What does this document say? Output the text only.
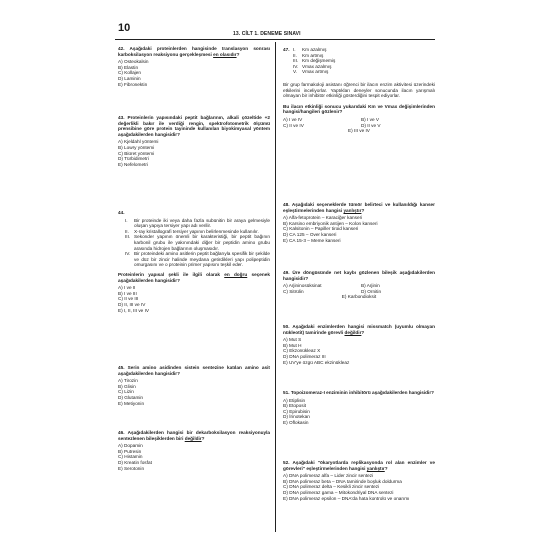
10	13. CİLT 1. DENEME SINAVI
42. Aşağıdaki proteinlerden hangisinde translasyon sonrası karboksilasyon reaksiyonu gerçekleşmesi en olasıdır?
A) Osteokalsin
B) Elastin
C) Kollajen
D) Laminin
E) Fibronektin
43. Proteinlerin yapısındaki peptit bağlarının, alkali çözeltide +2 değerlikli bakır ile verdiği rengin, spektrofotometrik ölçümü prensibine göre protein tayininde kullanılan biyokimyasal yöntem aşağıdakilerden hangisidir?
A) Kjeldahl yöntemi
B) Lowry yöntemi
C) Biüret yöntemi
D) Türbidimetri
E) Nefelometri
44.
I.	Bir proteinde iki veya daha fazla subünitin bir araya gelmesiyle oluşan yapıya tersiyer yapı adı verilir.
II.	X-ray kristallografi tersiyer yapının belirlenmesinde kullanılır.
III. Sekonder yapının önemli bir karakteristiği, bir peptit bağının karbonil grubu ile yakınındaki diğer bir peptidin amino grubu arasında hidrojen bağlarının oluşmasıdır.
IV. Bir proteindeki amino asitlerin peptit bağlarıyla spesifik bir şekilde ve düz bir zincir halinde meydana getirdikleri yapı polipeptidin omurgasını ve o proteinin primer yapısını teşkil eder.
Proteinlerin yapısal şekli ile ilgili olarak en doğru seçenek aşağıdakilerden hangisidir?
A) I ve II
B) I ve III
C) II ve III
D) II, III ve IV
E) I, II, III ve IV
45. Serin amino asidinden sistein sentezine katılan amino asit aşağıdakilerden hangisidir?
A) Tirozin
B) Glisin
C) Lizin
D) Glutamin
E) Metiyonin
46. Aşağıdakilerden hangisi bir dekarboksilasyon reaksiyonuyla sentezlenen bileşiklerden biri değildir?
A) Dopamin
B) Putresin
C) Histamin
D) Kreatin fosfat
E) Serotonin
47. I.	Km azalmış
II.	Km artmış
III. Km değişmemiş
IV. Vmax azalmış
V.	Vmax artmış
Bir grup farmakoloji asistanı öğrenci bir ilacın enzim aktivitesi üzerindeki etkilerini inceliyorlar. Yaptıkları deneyler sonucunda ilacın yarışmalı olmayan bir inhibitör etkinliği gösterdiğini tespit ediyorlar.
Bu ilacın etkinliği sonucu yukarıdaki Km ve Vmax değişimlerinden hangisi/hangileri gözlenir?
A) I ve IV	B) I ve V
C) II ve IV	D) II ve V
E) III ve IV
48. Aşağıdaki seçeneklerde tümör belirteci ve kullanıldığı kanser eşleştirmelerinden hangisi yanlıştır?
A) Alfa-fetoprotein – Karaciğer kanseri
B) Karsino embriyonik antijen – Kolon kanseri
C) Kalsitonin – Papiller tiroid kanseri
D) CA 125 – Over kanseri
E) CA 15-3 – Meme kanseri
49. Üre döngüsünde net kaybı gözlenen bileşik aşağıdakilerden hangisidir?
A) Arjininosüksinat	B) Arjinin
C) Sitrülin	D) Ornitin
E) Karbondioksit
50. Aşağıdaki enzimlerden hangisi missmatch (uyumlu olmayan nükleotit) tamirinde görevli değildir?
A) Mut S
B) Mut H
C) Ekzonükleaz X
D) DNA polimeraz III
E) UV'ye özgü ABC ekzinükleaz
51. Topoizomeraz-I enziminin inhibitörü aşağıdakilerden hangisidir?
A) Etiplisin
B) Etoposit
C) Epirubisin
D) İrinotekan
E) Oflokasin
52. Aşağıdaki "ökaryotlarda replikasyonda rol alan enzimler ve görevleri" eşleştirmelerinden hangisi yanlıştır?
A) DNA polimeraz alfa – Lider zincir sentezi
B) DNA polimeraz beta – DNA tamirinde boşluk doldurma
C) DNA polimeraz delta – Kesikli zincir sentezi
D) DNA polimeraz gama – Mitokondriyal DNA sentezi
E) DNA polimeraz epsilon – DNA'da hata kontrolü ve onarımı
